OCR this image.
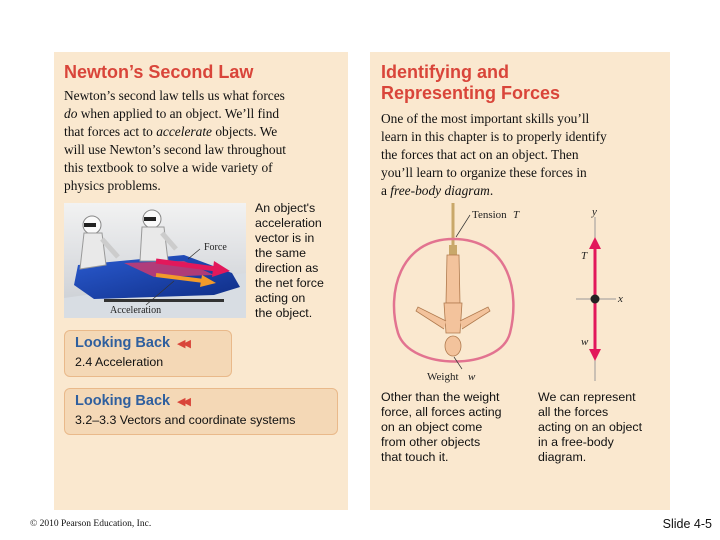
Newton’s Second Law
Newton’s second law tells us what forces
do when applied to an object. We’ll find
that forces act to accelerate objects. We
will use Newton’s second law throughout
this textbook to solve a wide variety of
physics problems.
Force
Acceleration
An object's
acceleration
vector is in
the same
direction as
the net force
acting on
the object.
Looking Back ◀◀
2.4 Acceleration
Looking Back ◀◀
3.2–3.3 Vectors and coordinate systems
Identifying and
Representing Forces
One of the most important skills you’ll
learn in this chapter is to properly identify
the forces that act on an object. Then
you’ll learn to organize these forces in
a free-body diagram.
Tension T
Weight w
y
x
T
w
Other than the weight
force, all forces acting
on an object come
from other objects
that touch it.
We can represent
all the forces
acting on an object
in a free-body
diagram.
© 2010 Pearson Education, Inc.	Slide 4-5
